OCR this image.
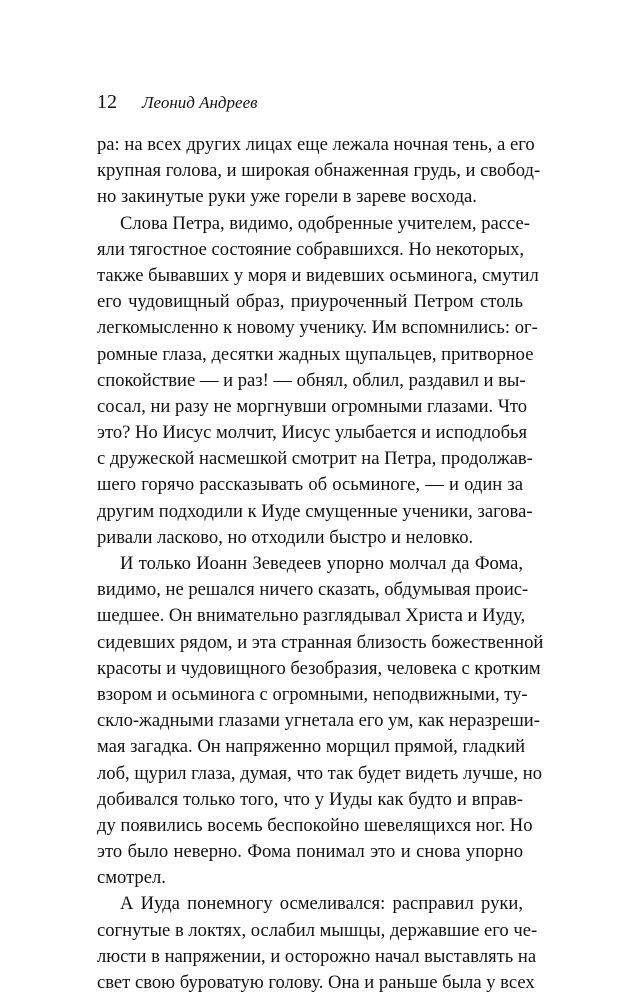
12 Леонид Андреев
ра: на всех других лицах еще лежала ночная тень, а его
крупная голова, и широкая обнаженная грудь, и свобод-
но закинутые руки уже горели в зареве восхода.
Слова Петра, видимо, одобренные учителем, рассе-
яли тягостное состояние собравшихся. Но некоторых,
также бывавших у моря и видевших осьминога, смутил
его чудовищный образ, приуроченный Петром столь
легкомысленно к новому ученику. Им вспомнились: ог-
ромные глаза, десятки жадных щупальцев, притворное
спокойствие — и раз! — обнял, облил, раздавил и вы-
сосал, ни разу не моргнувши огромными глазами. Что
это? Но Иисус молчит, Иисус улыбается и исподлобья
с дружеской насмешкой смотрит на Петра, продолжав-
шего горячо рассказывать об осьминоге, — и один за
другим подходили к Иуде смущенные ученики, загова-
ривали ласково, но отходили быстро и неловко.
И только Иоанн Зеведеев упорно молчал да Фома,
видимо, не решался ничего сказать, обдумывая проис-
шедшее. Он внимательно разглядывал Христа и Иуду,
сидевших рядом, и эта странная близость божественной
красоты и чудовищного безобразия, человека с кротким
взором и осьминога с огромными, неподвижными, ту-
скло-жадными глазами угнетала его ум, как неразреши-
мая загадка. Он напряженно морщил прямой, гладкий
лоб, щурил глаза, думая, что так будет видеть лучше, но
добивался только того, что у Иуды как будто и вправ-
ду появились восемь беспокойно шевелящихся ног. Но
это было неверно. Фома понимал это и снова упорно
смотрел.
А Иуда понемногу осмеливался: расправил руки,
согнутые в локтях, ослабил мышцы, державшие его че-
люсти в напряжении, и осторожно начал выставлять на
свет свою буроватую голову. Она и раньше была у всех
